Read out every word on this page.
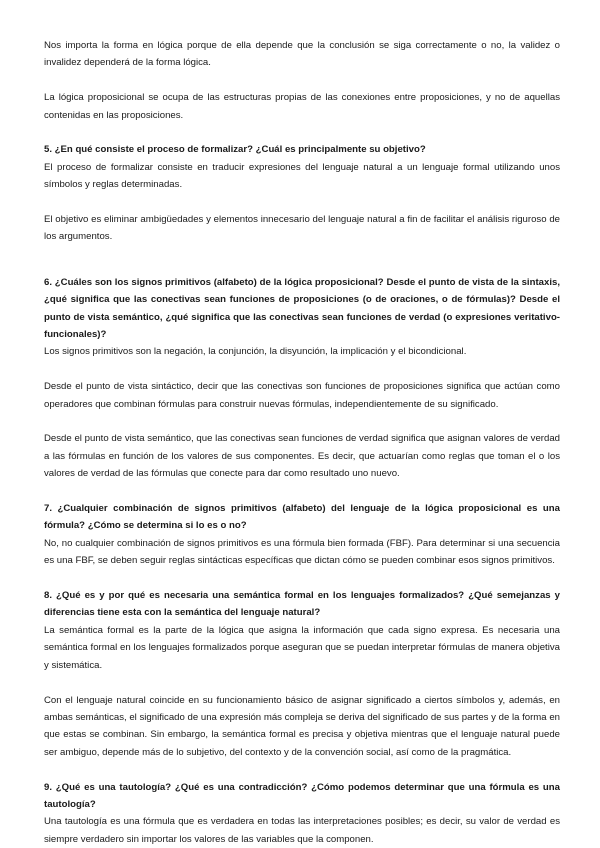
Nos importa la forma en lógica porque de ella depende que la conclusión se siga correctamente o no, la validez o invalidez dependerá de la forma lógica.

La lógica proposicional se ocupa de las estructuras propias de las conexiones entre proposiciones, y no de aquellas contenidas en las proposiciones.

5. ¿En qué consiste el proceso de formalizar? ¿Cuál es principalmente su objetivo?

El proceso de formalizar consiste en traducir expresiones del lenguaje natural a un lenguaje formal utilizando unos símbolos y reglas determinadas.

El objetivo es eliminar ambigüedades y elementos innecesario del lenguaje natural a fin de facilitar el análisis riguroso de los argumentos.

6. ¿Cuáles son los signos primitivos (alfabeto) de la lógica proposicional? Desde el punto de vista de la sintaxis, ¿qué significa que las conectivas sean funciones de proposiciones (o de oraciones, o de fórmulas)? Desde el punto de vista semántico, ¿qué significa que las conectivas sean funciones de verdad (o expresiones veritativo-funcionales)?

Los signos primitivos son la negación, la conjunción, la disyunción, la implicación y el bicondicional.

Desde el punto de vista sintáctico, decir que las conectivas son funciones de proposiciones significa que actúan como operadores que combinan fórmulas para construir nuevas fórmulas, independientemente de su significado.

Desde el punto de vista semántico, que las conectivas sean funciones de verdad significa que asignan valores de verdad a las fórmulas en función de los valores de sus componentes. Es decir, que actuarían como reglas que toman el o los valores de verdad de las fórmulas que conecte para dar como resultado uno nuevo.

7. ¿Cualquier combinación de signos primitivos (alfabeto) del lenguaje de la lógica proposicional es una fórmula? ¿Cómo se determina si lo es o no?

No, no cualquier combinación de signos primitivos es una fórmula bien formada (FBF). Para determinar si una secuencia es una FBF, se deben seguir reglas sintácticas específicas que dictan cómo se pueden combinar esos signos primitivos.

8. ¿Qué es y por qué es necesaria una semántica formal en los lenguajes formalizados? ¿Qué semejanzas y diferencias tiene esta con la semántica del lenguaje natural?

La semántica formal es la parte de la lógica que asigna la información que cada signo expresa. Es necesaria una semántica formal en los lenguajes formalizados porque aseguran que se puedan interpretar fórmulas de manera objetiva y sistemática.

Con el lenguaje natural coincide en su funcionamiento básico de asignar significado a ciertos símbolos y, además, en ambas semánticas, el significado de una expresión más compleja se deriva del significado de sus partes y de la forma en que estas se combinan. Sin embargo, la semántica formal es precisa y objetiva mientras que el lenguaje natural puede ser ambiguo, depende más de lo subjetivo, del contexto y de la convención social, así como de la pragmática.

9. ¿Qué es una tautología? ¿Qué es una contradicción? ¿Cómo podemos determinar que una fórmula es una tautología?

Una tautología es una fórmula que es verdadera en todas las interpretaciones posibles; es decir, su valor de verdad es siempre verdadero sin importar los valores de las variables que la componen.
